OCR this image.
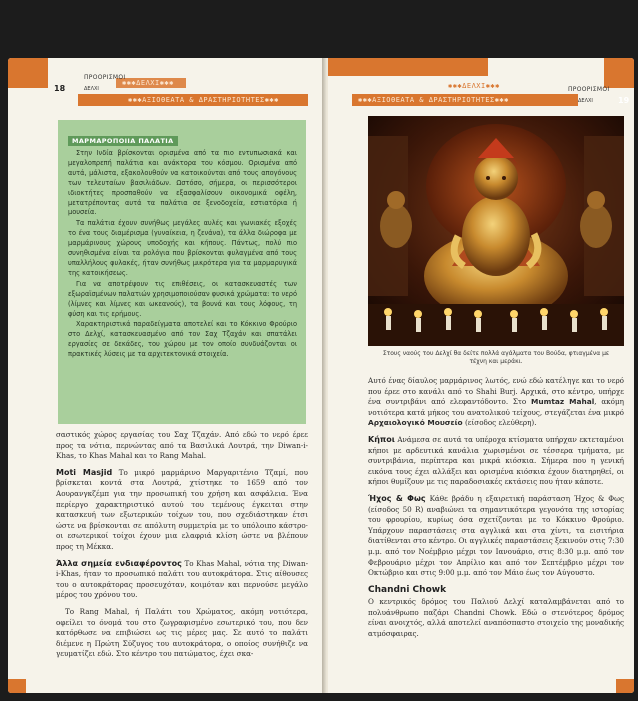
18
ΠΡΟΟΡΙΣΜΟΙ
ΔΕΛΧΙ
✱✱✱ΔΕΛΧΙ✱✱✱
✱✱✱ΑΞΙΟΘΕΑΤΑ & ΔΡΑΣΤΗΡΙΟΤΗΤΕΣ✱✱✱
ΜΑΡΜΑΡΟΠΟΙΙΑ ΠΑΛΑΤΙΑ

Στην Ινδία βρίσκονται ορισμένα από τα πιο εντυπωσιακά και μεγαλοπρεπή παλάτια και ανάκτορα του κόσμου. Ορισμένα από αυτά, μάλιστα, εξακολουθούν να κατοικούνται από τους απογόνους των τελευταίων βασιλιάδων. Ωστόσο, σήμερα, οι περισσότεροι ιδιοκτήτες προσπαθούν να εξασφαλίσουν οικονομικά οφέλη, μετατρέποντας αυτά τα παλάτια σε ξενοδοχεία, εστιατόρια ή μουσεία.

Τα παλάτια έχουν συνήθως μεγάλες αυλές και γωνιακές εξοχές το ένα τους διαμέρισμα (γυναίκεια, η ζενάνα), τα άλλα διώροφα με μαρμάρινους χώρους υποδοχής και κήπους. Πάντως, πολύ πιο συνηθισμένα είναι τα ρολόγια που βρίσκονται φυλαγμένα από τους υπαλλήλους φυλακές, ήταν συνήθως μικρότερα για τα μαρμαρυγικά της κατοικήσεως.

Για να αποτρέψουν τις επιθέσεις, οι κατασκευαστές των εξωραϊσμένων παλατιών χρησιμοποιούσαν φυσικά χρώματα: το νερό (λίμνες και λίμνες και ωκεανούς), τα βουνά και τους λόφους, τη φύση και τις ερήμους.

Χαρακτηριστικά παραδείγματα αποτελεί και το Κόκκινο Φρούριο στο Δελχί, κατασκευασμένο από τον Σαχ Τζαχάν και σπατάλει εργασίες σε δεκάδες, του χώρου με τον οποίο συνδυάζονται οι πρακτικές λύσεις με τα αρχιτεκτονικά στοιχεία.

σαστικός χώρος εργασίας του Σαχ Τζαχάν. Από εδώ το νερό έρεε προς τα νότια, περνώντας από τα Βασιλικά Λουτρά, την Diwan-i-Khas, το Khas Mahal και το Rang Mahal.

Moti Masjid Το μικρό μαρμάρινο Μαργαριτένιο Τζαμί, που βρίσκεται κοντά στα Λουτρά, χτίστηκε το 1659 από τον Αουρανγκζέμπ για την προσωπική του χρήση και ασφάλεια. Ένα περίεργο χαρακτηριστικό αυτού του τεμένους έγκειται στην κατασκευή των εξωτερικών τοίχων του, που σχεδιάστηκαν έτσι ώστε να βρίσκονται σε απόλυτη συμμετρία με το υπόλοιπο κάστρο· οι εσωτερικοί τοίχοι έχουν μια ελαφριά κλίση ώστε να βλέπουν προς τη Μέκκα.

Άλλα σημεία ενδιαφέροντος Το Khas Mahal, νότια της Diwan-i-Khas, ήταν το προσωπικό παλάτι του αυτοκράτορα. Στις αίθουσες του ο αυτοκράτορας προσευχόταν, κοιμόταν και περνούσε μεγάλο μέρος του χρόνου του.

Το Rang Mahal, ή Παλάτι του Χρώματος, ακόμη νοτιότερα, οφείλει το όνομά του στο ζωγραφισμένο εσωτερικό του, που δεν κατόρθωσε να επιβιώσει ως τις μέρες μας. Σε αυτό το παλάτι διέμενε η Πρώτη Σύζυγος του αυτοκράτορα, ο οποίος συνήθιζε να γευματίζει εδώ. Στο κέντρο του πατώματος, έχει σκα-

19
ΠΡΟΟΡΙΣΜΟΙ
ΔΕΛΧΙ
✱✱✱ΔΕΛΧΙ✱✱✱
✱✱✱ΑΞΙΟΘΕΑΤΑ & ΔΡΑΣΤΗΡΙΟΤΗΤΕΣ✱✱✱
Στους ναούς του Δελχί θα δείτε πολλά αγάλματα του Βούδα, φτιαγμένα με τέχνη και μεράκι.

Αυτό ένας δίαυλος μαρμάρινος λωτός, ενώ εδώ κατέληγε και το νερό που έρεε στο κανάλι από το Shahi Burj. Αρχικά, στο κέντρο, υπήρχε ένα συντριβάνι από ελεφαντόδοντο. Στο Mumtaz Mahal, ακόμη νοτιότερα κατά μήκος του ανατολικού τείχους, στεγάζεται ένα μικρό Αρχαιολογικό Μουσείο (είσοδος ελεύθερη).

Κήποι Ανάμεσα σε αυτά τα υπέροχα κτίσματα υπήρχαν εκτεταμένοι κήποι με αρδευτικά κανάλια χωρισμένοι σε τέσσερα τμήματα, με συντριβάνια, περίπτερα και μικρά κιόσκια. Σήμερα που η γενική εικόνα τους έχει αλλάξει και ορισμένα κιόσκια έχουν διατηρηθεί, οι κήποι θυμίζουν με τις παραδοσιακές εκτάσεις που ήταν κάποτε.

Ήχος & Φως Κάθε βράδυ η εξαιρετική παράσταση Ήχος & Φως (είσοδος 50 R) αναβιώνει τα σημαντικότερα γεγονότα της ιστορίας του φρουρίου, κυρίως όσα σχετίζονται με το Κόκκινο Φρούριο. Υπάρχουν παραστάσεις στα αγγλικά και στα χίντι, τα εισιτήρια διατίθενται στο κέντρο. Οι αγγλικές παραστάσεις ξεκινούν στις 7:30 μ.μ. από τον Νοέμβριο μέχρι τον Ιανουάριο, στις 8:30 μ.μ. από τον Φεβρουάριο μέχρι τον Απρίλιο και από τον Σεπτέμβριο μέχρι τον Οκτώβριο και στις 9:00 μ.μ. από τον Μάιο έως τον Αύγουστο.

Chandni Chowk
Ο κεντρικός δρόμος του Παλιού Δελχί καταλαμβάνεται από το πολυάνθρωπο παζάρι Chandni Chowk. Εδώ ο στενότερος δρόμος είναι ανοιχτός, αλλά αποτελεί αναπόσπαστο στοιχείο της μοναδικής ατμόσφαιρας.
